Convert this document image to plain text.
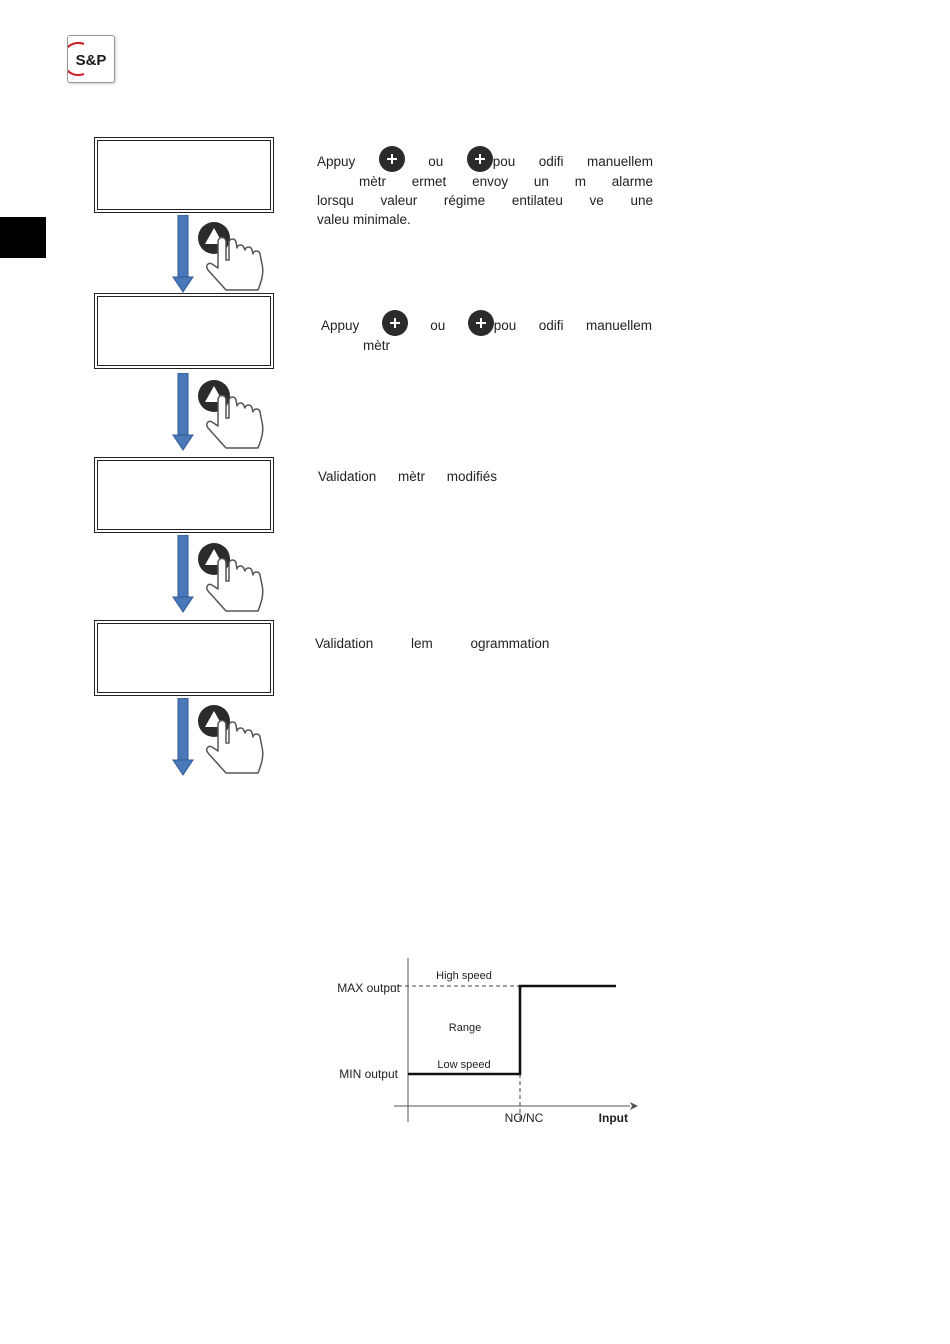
S&P
Appuy	ou	pou odifi manuellem
mètr ermet envoy un m alarme
lorsqu valeur régime entilateu ve une
valeu minimale.
Appuy	ou	pou odifi manuellem
mètr
Validation mètr modifiés
Validation lem ogrammation
MAX output
MIN output
High speed
Range
Low speed
NO/NC	Input
